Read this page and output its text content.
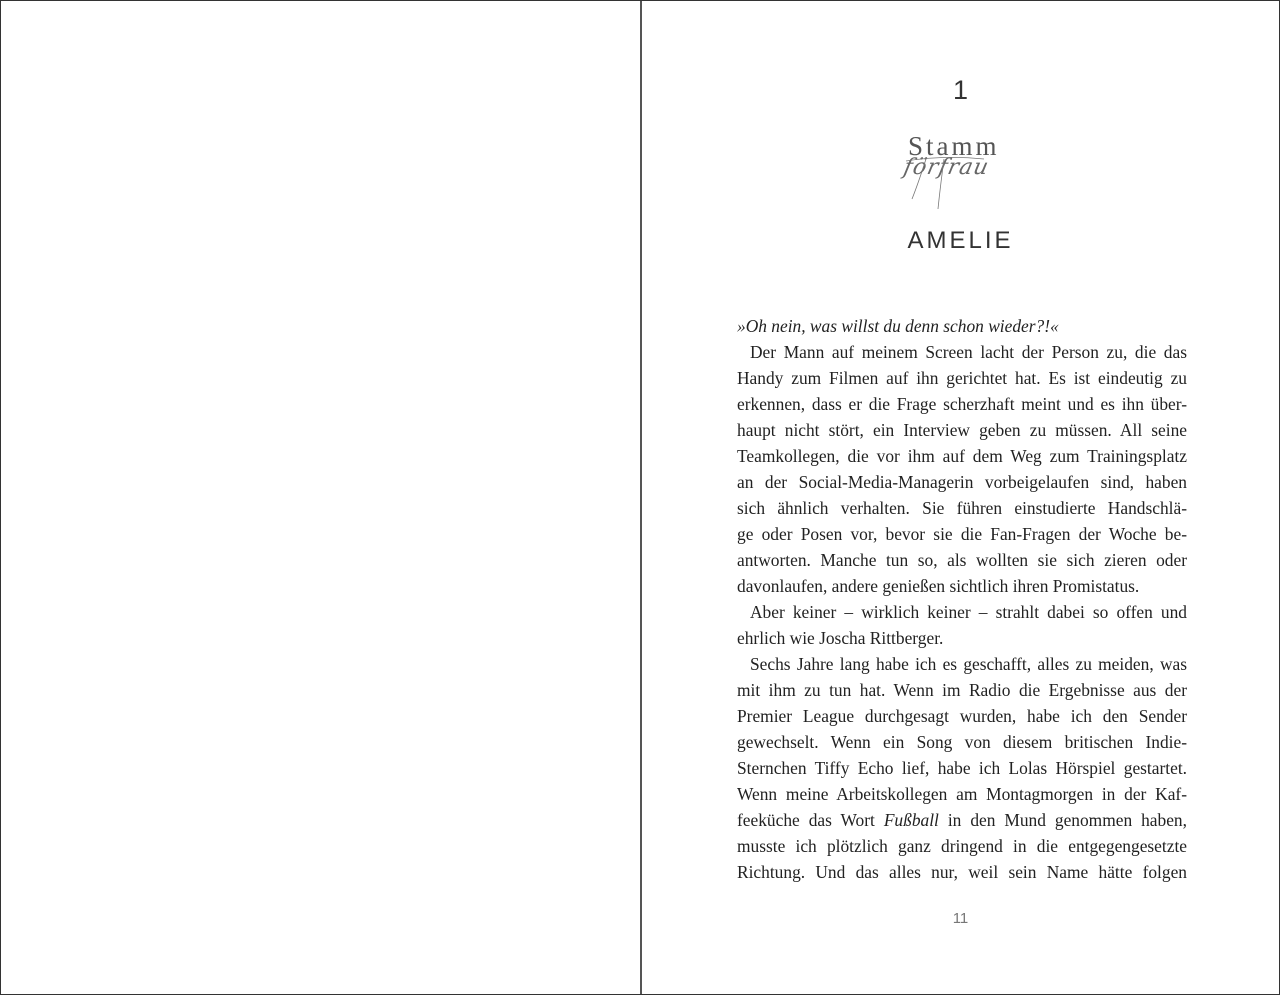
1
Stamm
förfrau
AMELIE
»Oh nein, was willst du denn schon wieder?!«
Der Mann auf meinem Screen lacht der Person zu, die das
Handy zum Filmen auf ihn gerichtet hat. Es ist eindeutig zu
erkennen, dass er die Frage scherzhaft meint und es ihn über-
haupt nicht stört, ein Interview geben zu müssen. All seine
Teamkollegen, die vor ihm auf dem Weg zum Trainingsplatz
an der Social-Media-Managerin vorbeigelaufen sind, haben
sich ähnlich verhalten. Sie führen einstudierte Handschlä-
ge oder Posen vor, bevor sie die Fan-Fragen der Woche be-
antworten. Manche tun so, als wollten sie sich zieren oder
davonlaufen, andere genießen sichtlich ihren Promistatus.
Aber keiner – wirklich keiner – strahlt dabei so offen und
ehrlich wie Joscha Rittberger.
Sechs Jahre lang habe ich es geschafft, alles zu meiden, was
mit ihm zu tun hat. Wenn im Radio die Ergebnisse aus der
Premier League durchgesagt wurden, habe ich den Sender
gewechselt. Wenn ein Song von diesem britischen Indie-
Sternchen Tiffy Echo lief, habe ich Lolas Hörspiel gestartet.
Wenn meine Arbeitskollegen am Montagmorgen in der Kaf-
feeküche das Wort Fußball in den Mund genommen haben,
musste ich plötzlich ganz dringend in die entgegengesetzte
Richtung. Und das alles nur, weil sein Name hätte folgen
11
